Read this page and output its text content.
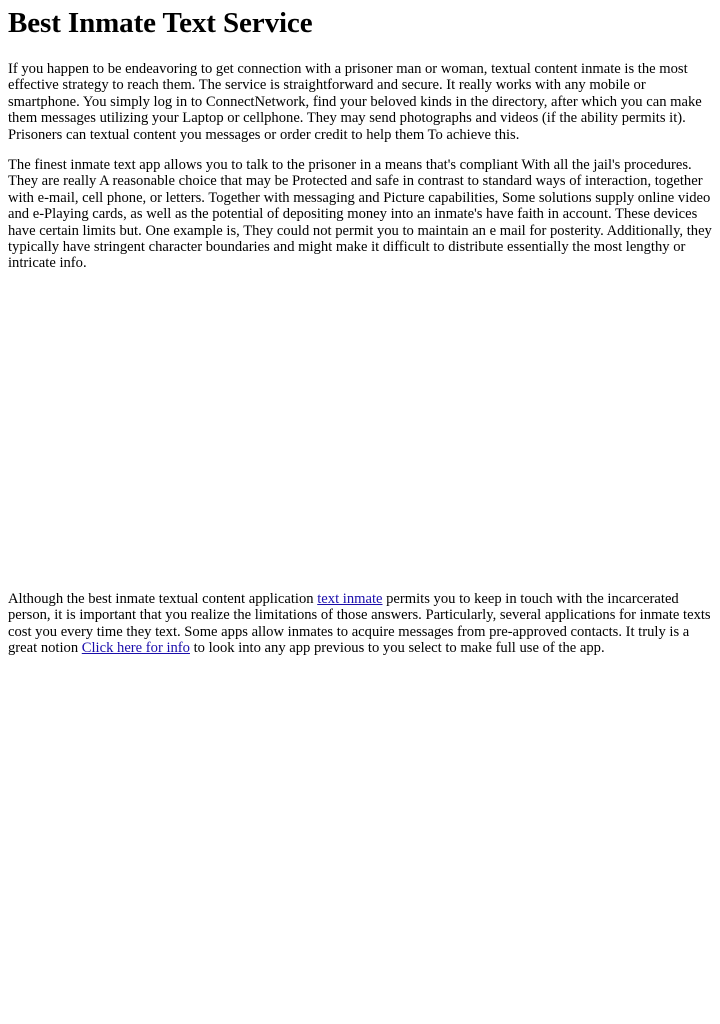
Best Inmate Text Service

If you happen to be endeavoring to get connection with a prisoner man or woman, textual content inmate is the most effective strategy to reach them. The service is straightforward and secure. It really works with any mobile or smartphone. You simply log in to ConnectNetwork, find your beloved kinds in the directory, after which you can make them messages utilizing your Laptop or cellphone. They may send photographs and videos (if the ability permits it). Prisoners can textual content you messages or order credit to help them To achieve this.

The finest inmate text app allows you to talk to the prisoner in a means that's compliant With all the jail's procedures. They are really A reasonable choice that may be Protected and safe in contrast to standard ways of interaction, together with e-mail, cell phone, or letters. Together with messaging and Picture capabilities, Some solutions supply online video and e-Playing cards, as well as the potential of depositing money into an inmate's have faith in account. These devices have certain limits but. One example is, They could not permit you to maintain an e mail for posterity. Additionally, they typically have stringent character boundaries and might make it difficult to distribute essentially the most lengthy or intricate info.

Although the best inmate textual content application text inmate permits you to keep in touch with the incarcerated person, it is important that you realize the limitations of those answers. Particularly, several applications for inmate texts cost you every time they text. Some apps allow inmates to acquire messages from pre-approved contacts. It truly is a great notion Click here for info to look into any app previous to you select to make full use of the app.
